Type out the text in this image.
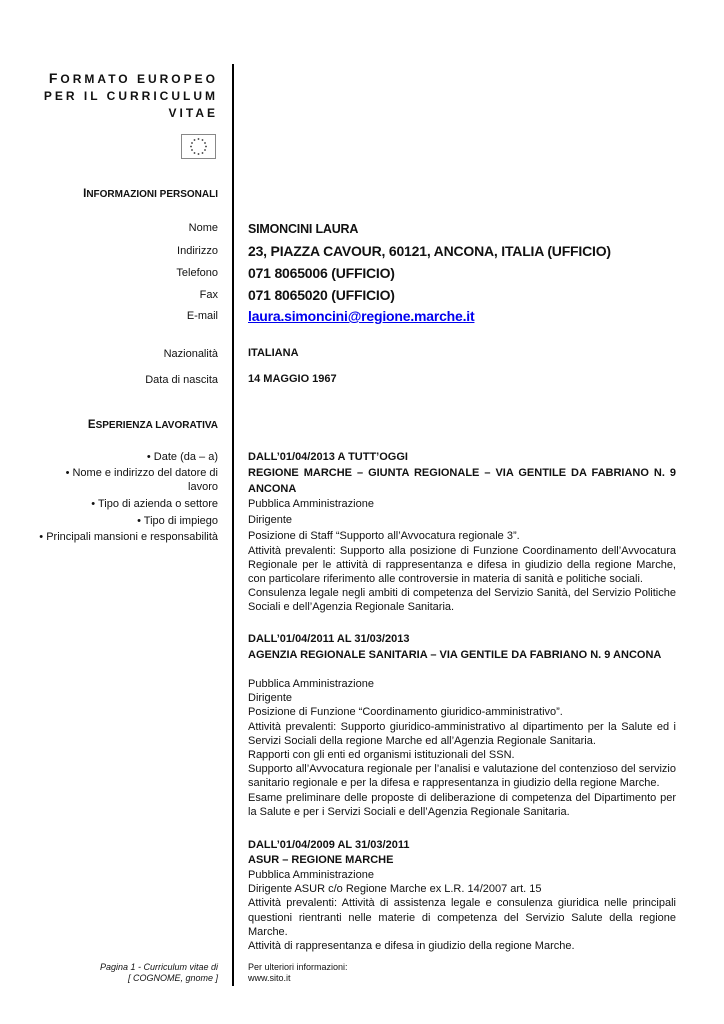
FORMATO EUROPEO
PER IL CURRICULUM
VITAE
INFORMAZIONI PERSONALI
Nome SIMONCINI LAURA
Indirizzo 23, PIAZZA CAVOUR, 60121, ANCONA, ITALIA (UFFICIO)
Telefono 071 8065006 (UFFICIO)
Fax 071 8065020 (UFFICIO)
E-mail laura.simoncini@regione.marche.it
Nazionalità	ITALIANA
Data di nascita	14 MAGGIO 1967
ESPERIENZA LAVORATIVA
• Date (da – a)
• Nome e indirizzo del datore di lavoro
• Tipo di azienda o settore
• Tipo di impiego
• Principali mansioni e responsabilità
DALL’01/04/2013 A TUTT’OGGI
REGIONE MARCHE – GIUNTA REGIONALE – VIA GENTILE DA FABRIANO N. 9 ANCONA
Pubblica Amministrazione
Dirigente
Posizione di Staff “Supporto all’Avvocatura regionale 3”.
Attività prevalenti: Supporto alla posizione di Funzione Coordinamento dell’Avvocatura Regionale per le attività di rappresentanza e difesa in giudizio della regione Marche, con particolare riferimento alle controversie in materia di sanità e politiche sociali.
Consulenza legale negli ambiti di competenza del Servizio Sanità, del Servizio Politiche Sociali e dell’Agenzia Regionale Sanitaria.
DALL’01/04/2011 AL 31/03/2013
AGENZIA REGIONALE SANITARIA – VIA GENTILE DA FABRIANO N. 9 ANCONA
Pubblica Amministrazione
Dirigente
Posizione di Funzione “Coordinamento giuridico-amministrativo”.
Attività prevalenti: Supporto giuridico-amministrativo al dipartimento per la Salute ed i Servizi Sociali della regione Marche ed all’Agenzia Regionale Sanitaria.
Rapporti con gli enti ed organismi istituzionali del SSN.
Supporto all’Avvocatura regionale per l’analisi e valutazione del contenzioso del servizio sanitario regionale e per la difesa e rappresentanza in giudizio della regione Marche.
Esame preliminare delle proposte di deliberazione di competenza del Dipartimento per la Salute e per i Servizi Sociali e dell’Agenzia Regionale Sanitaria.
DALL’01/04/2009 AL 31/03/2011
ASUR – REGIONE MARCHE
Pubblica Amministrazione
Dirigente ASUR c/o Regione Marche ex L.R. 14/2007 art. 15
Attività prevalenti: Attività di assistenza legale e consulenza giuridica nelle principali questioni rientranti nelle materie di competenza del Servizio Salute della regione Marche.
Attività di rappresentanza e difesa in giudizio della regione Marche.
Pagina 1 - Curriculum vitae di
[ COGNOME, gnome ]
Per ulteriori informazioni:
www.sito.it
